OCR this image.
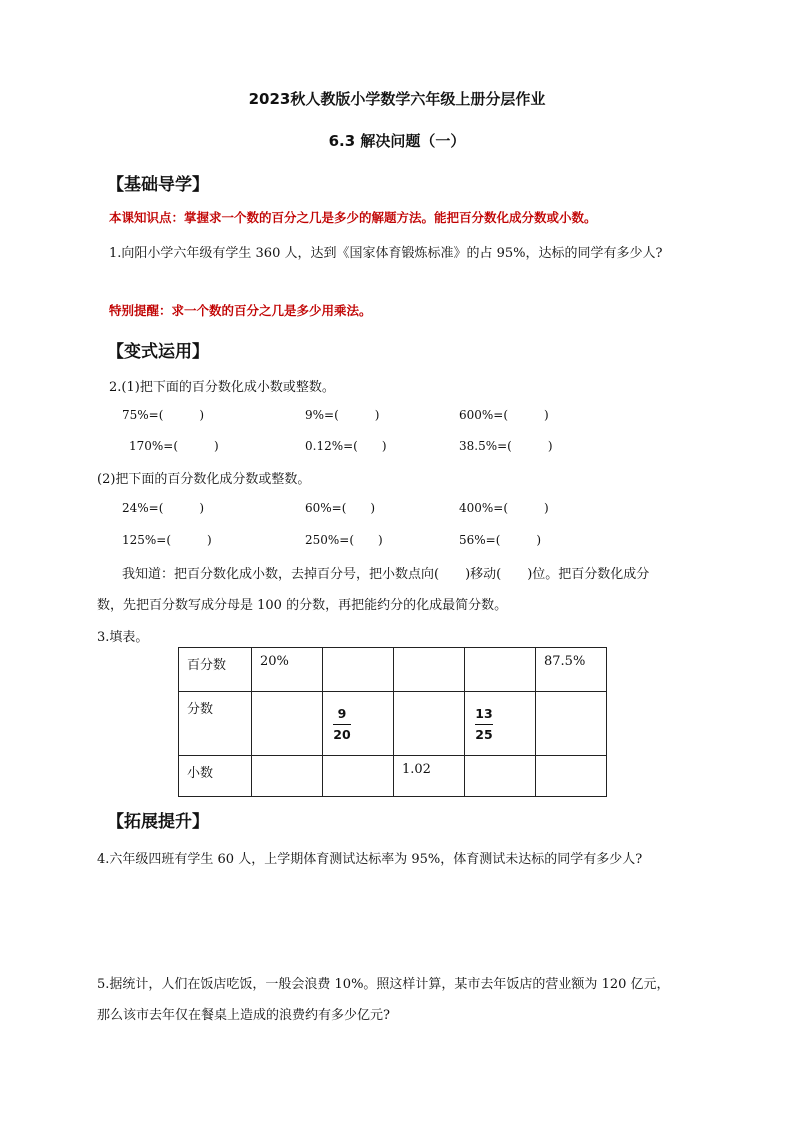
2023秋人教版小学数学六年级上册分层作业
6.3 解决问题（一）
【基础导学】
本课知识点：掌握求一个数的百分之几是多少的解题方法。能把百分数化成分数或小数。
1.向阳小学六年级有学生 360 人，达到《国家体育锻炼标准》的占 95%，达标的同学有多少人?
特别提醒：求一个数的百分之几是多少用乘法。
【变式运用】
2.(1)把下面的百分数化成小数或整数。
75%=(　　　)	9%=(　　　)	600%=(　　　)
170%=(　　　)	0.12%=(　　)	38.5%=(　　　)
(2)把下面的百分数化成分数或整数。
24%=(　　　)	60%=(　　)	400%=(　　　)
125%=(　　　)	250%=(　　)	56%=(　　　)
我知道：把百分数化成小数，去掉百分号，把小数点向(　　)移动(　　)位。把百分数化成分
数，先把百分数写成分母是 100 的分数，再把能约分的化成最简分数。
3.填表。
百分数	20%				87.5%

分数		$\frac{9}{20}$		$\frac{13}{25}$

小数			1.02		

【拓展提升】
4.六年级四班有学生 60 人，上学期体育测试达标率为 95%，体育测试未达标的同学有多少人?
5.据统计，人们在饭店吃饭，一般会浪费 10%。照这样计算，某市去年饭店的营业额为 120 亿元，
那么该市去年仅在餐桌上造成的浪费约有多少亿元?
